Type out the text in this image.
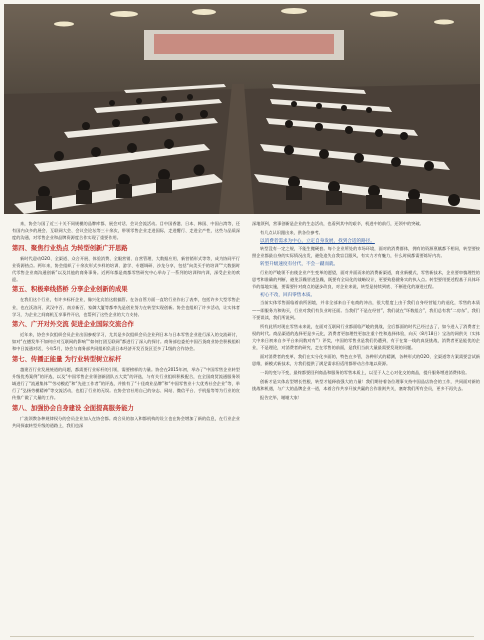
来，协会与国了近三十关不同规模的品牌库都、展会对话、会议会流活动。目中国香港、日本、韩国、中国台湾等，还有国内众多的展会、互联网大会、会议会论坛等三十余次，带领零售企业走进国际，走进覆行、走进全产性，这些与品质深度的沟通，对零售企业和品牌资源度合作实现了重要作用。

第四、聚焦行业热点 为转型创新广开思路

新时代迎动O2O、全渠道、众合开展、体验消费、全眼营销、自营管理、大数据应用、新营销形式等等，成为协同平行业资源热点。两年来，协会组织了十余次形式多样的培训、游学、专题调研、沙龙分享，包括“向美买手的培训”“大数据时代零售企业商沟通创新”以及其他的商务事务。近两年都是商都零售研究中心举办了一系列的培训和内训，深受企业的欢迎。

第五、积极牵线搭桥 分享企业创新的成果

在我们这个行业，有许多标杆企业，像兴化宾馆这般搞管。在各自管方面一直给行业作出了表率，包括许多大型零售企业，也在沃洛河、武汉中百、南京新百、家御大厦等都率先是创业努力在转型实现创新。协会也组织了许多活动，让实体者学习，为企业之间商机互享事件开启，也帮到了这些企业的大力支持。

第六、广开对外交流 促进企业国际交流合作

近年来，协会多次组织会员企业出国参观学习，尤其是多次组织会员企业到日本与日本零售企业进行深入的交流研讨，如对“在德发华不如何应对互联网的影响”“如何打团互联网”都进行了深入的探讨。商务部也委托中国百货商业协会积极组织和中日流通对话，今年5月，协会与商务部共同组织负责日本经济开发百货区至多了1级的合作协会。

第七、传播正能量 为行业转型树立标杆

越建百行业发展统道的问题，都需要行业标杆的引领，需要榜样的力量。协会在2015年初，举办了“中国零售企业转型升级优秀案例”的评选，以及“中国零售企业领创新团队五大奖”的评选，与有关行业组织积极配合，在全国商贸流通服务领域进行了“流通集体”“劳动模范”和“先进工作者”的评选，并推有了“十佳商业品牌”和“中国零售业十大优秀社会企业”等，举行了“弘扬劳模精神”等交流活动，也组了行业的无误。在协会官社用自己的杂志、网站、微信平台、手机报等等为行业的宣传推广做了大量的工作。

第八、加强协会自身建设 全面提高服务能力

广流领教各种规律权分的会员企业加入在协会都。商合员的加入和都机构的设立也在协会增加了新的信息，在行业企业共同探索转型升级的道路上，我们也深

深地领到，营事创新是企业的生态活动，也看到其中的艰辛，机进中的前行，还领中的突破。

有几点认识跟出来，供各位参考。

以消费者需求为中心，立定自身发展，找到合适的路径。

转型没有一定之规，不能生搬硬套。每个企业所处的市场环境，面对的消费群体，拥有的资源禀赋都不相同，转型要按照企业都最自身的实际情况出发，避免追失自我盲目跟风，有实力才有魅力，什么时候都需要练好内功。

转型升级速度有付代，不会一蹴而就。

行业的严峻领不由使企业产生变革的愿望，面对并面而来的消费新渠道，商业新模式，零售新技术，企业要审慎理性的思考和准确的判断，避免浮躁冒进急躁，既要有全局化的战略设计，更要致稳健务实的执入点。转型要用要述程基于具体环节的落地实施，要需要针对商点的逐步改良，对企业来说，转型是持续到底、不断进化的渐进过程。

初心不改，回归零售本质。

当前实体零售面临着前所困境，并非全部来自于电商的冲击，很大程度上由于我们自身经营能力的退化，零售的本质——即服务为和购买，行业对我们有负业时还面。当我们“不是在经营”，我们就在“坏数组合”，我们总有我“二房东”，我们不要误读，我们所说到。

所有此所对现在零售未来说，在面对互联网行业都面临严峻的挑战，全后都面的时代已经过去了，如今进入了消费者主权的时代。商品渠道的选择更是多元化，消费者更加理性更加注重个性和选择体验，向天（8月18日）宝洁的网供关（实体大中来日初来自多平台来问数对有”）评奖，中国的零售业是我们仍遭到，有于在第一线的真货挑战，消费者更是能优的企业，不是理论，对消费者的研究，走在零售的前面，是我们当前大量最需要发现的问题。

面对消费者的变革，我们在实分化多面的，特色在多管，各种形式的精测，各种形式的O2O、全渠道等方案需要尝试新思维，新模式新技术，方我们提供了满足需求但适用都带动合作地以资源。

一切的变与不变，最终都要回到商品和服务的零售本质上，以至于人之心对化交的商品，提升服务增进消费体验。

创新才是实体店型增长性根，转型才能释放强大的力量！我们期待着各位理事支持中国品店协会的工作，共同面对新的挑战和机遇，与广大的品牌企业一道，本着合作共享开放共赢的合作准则共关，塞寄我们所有会员，更多不再失去。

报告完毕，谢谢大家！
